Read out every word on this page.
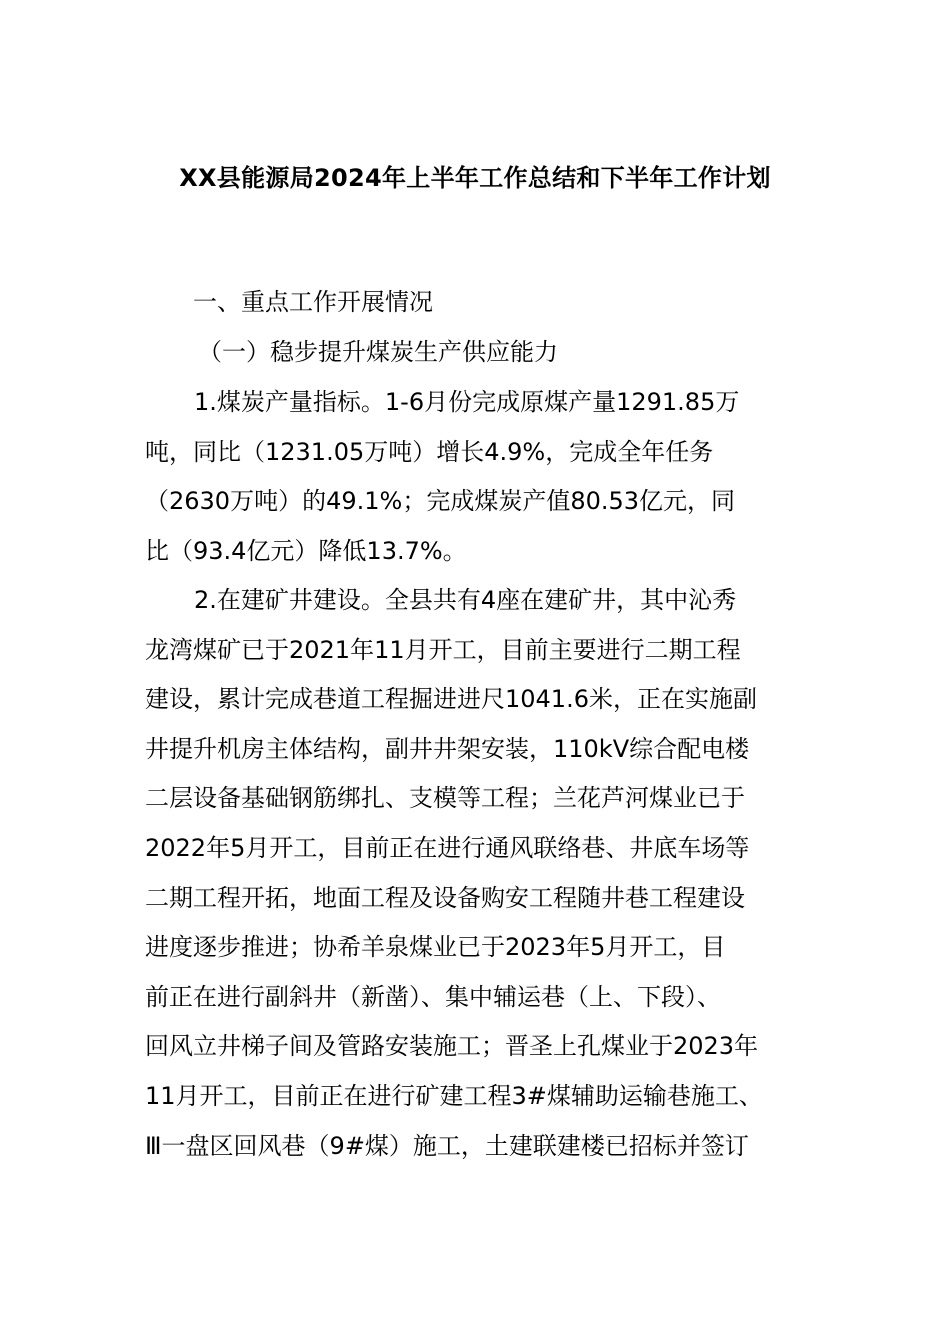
XX县能源局2024年上半年工作总结和下半年工作计划
一、重点工作开展情况
（一）稳步提升煤炭生产供应能力
1.煤炭产量指标。1-6月份完成原煤产量1291.85万
吨，同比（1231.05万吨）增长4.9%，完成全年任务
（2630万吨）的49.1%；完成煤炭产值80.53亿元，同
比（93.4亿元）降低13.7%。
2.在建矿井建设。全县共有4座在建矿井，其中沁秀
龙湾煤矿已于2021年11月开工，目前主要进行二期工程
建设，累计完成巷道工程掘进进尺1041.6米，正在实施副
井提升机房主体结构，副井井架安装，110kV综合配电楼
二层设备基础钢筋绑扎、支模等工程；兰花芦河煤业已于
2022年5月开工，目前正在进行通风联络巷、井底车场等
二期工程开拓，地面工程及设备购安工程随井巷工程建设
进度逐步推进；协希羊泉煤业已于2023年5月开工，目
前正在进行副斜井（新凿）、集中辅运巷（上、下段）、
回风立井梯子间及管路安装施工；晋圣上孔煤业于2023年
11月开工，目前正在进行矿建工程3#煤辅助运输巷施工、
Ⅲ一盘区回风巷（9#煤）施工，土建联建楼已招标并签订
